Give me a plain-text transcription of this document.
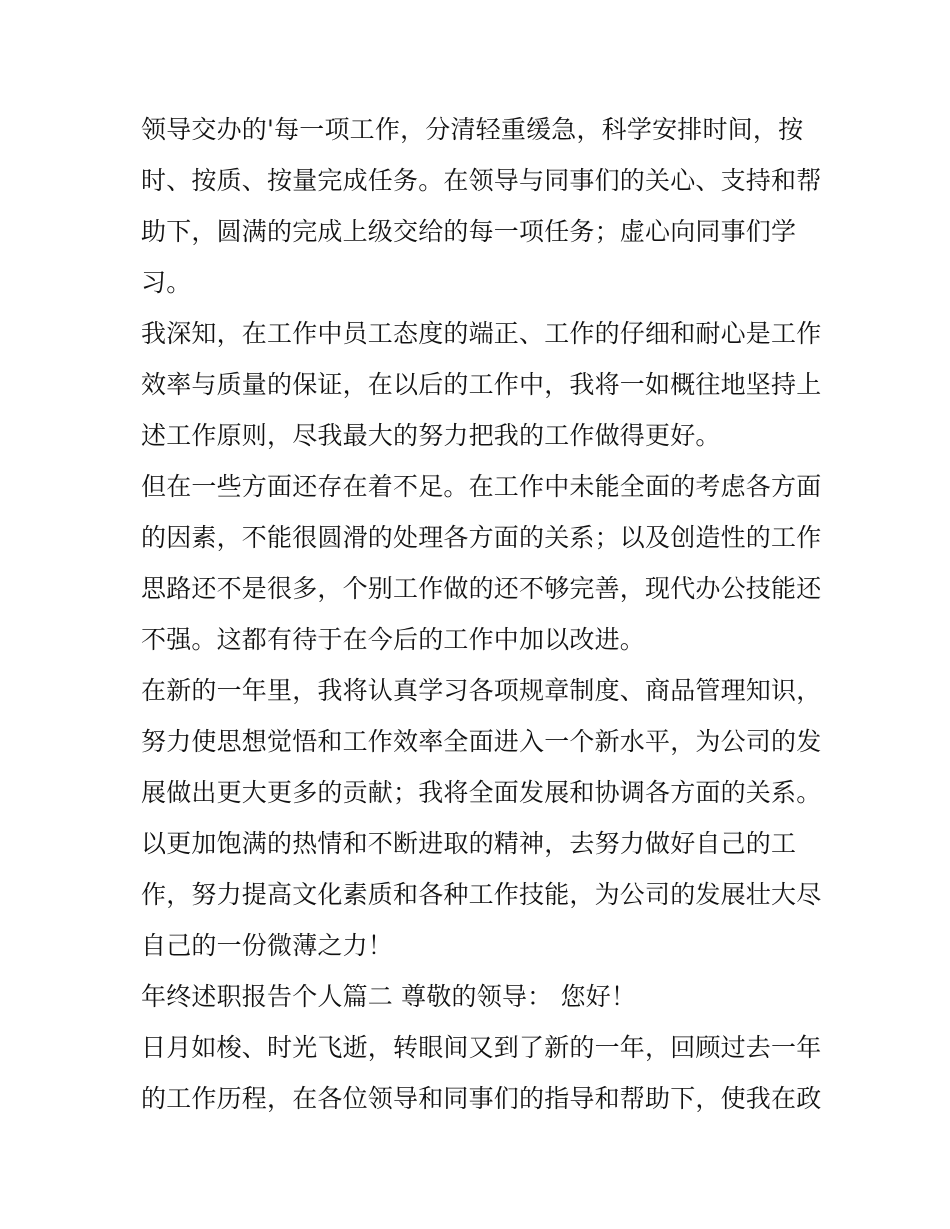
领导交办的'每一项工作，分清轻重缓急，科学安排时间，按
时、按质、按量完成任务。在领导与同事们的关心、支持和帮
助下，圆满的完成上级交给的每一项任务；虚心向同事们学
习。
我深知，在工作中员工态度的端正、工作的仔细和耐心是工作
效率与质量的保证，在以后的工作中，我将一如概往地坚持上
述工作原则，尽我最大的努力把我的工作做得更好。
但在一些方面还存在着不足。在工作中未能全面的考虑各方面
的因素，不能很圆滑的处理各方面的关系；以及创造性的工作
思路还不是很多，个别工作做的还不够完善，现代办公技能还
不强。这都有待于在今后的工作中加以改进。
在新的一年里，我将认真学习各项规章制度、商品管理知识，
努力使思想觉悟和工作效率全面进入一个新水平，为公司的发
展做出更大更多的贡献；我将全面发展和协调各方面的关系。
以更加饱满的热情和不断进取的精神，去努力做好自己的工
作，努力提高文化素质和各种工作技能，为公司的发展壮大尽
自己的一份微薄之力！
年终述职报告个人篇二 尊敬的领导： 您好！
日月如梭、时光飞逝，转眼间又到了新的一年，回顾过去一年
的工作历程，在各位领导和同事们的指导和帮助下，使我在政
